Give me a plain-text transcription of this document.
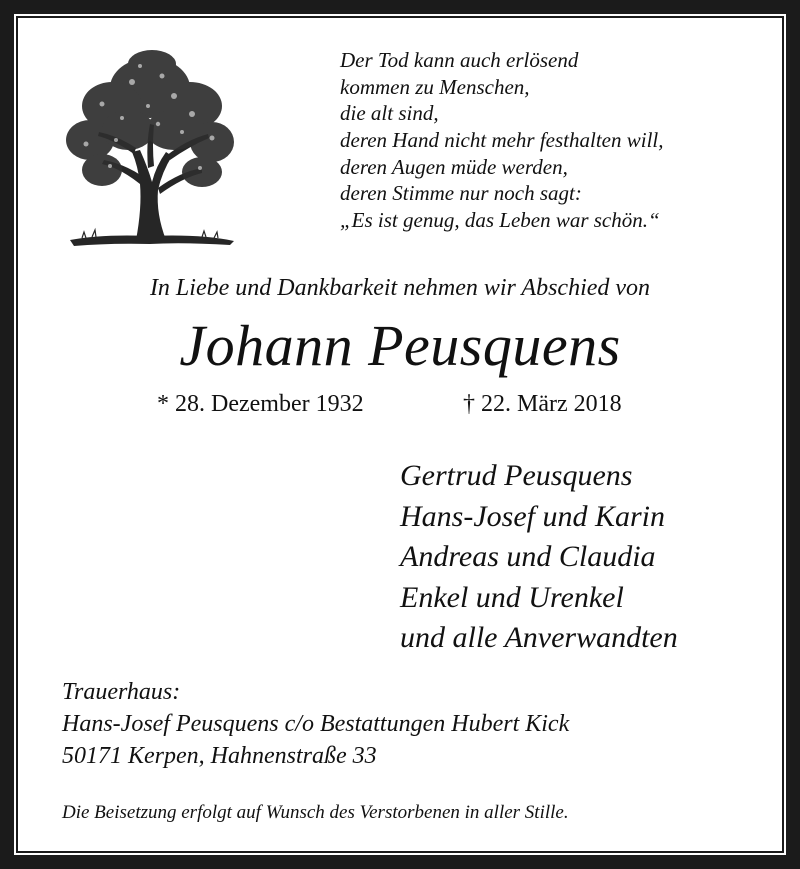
Der Tod kann auch erlösend
kommen zu Menschen,
die alt sind,
deren Hand nicht mehr festhalten will,
deren Augen müde werden,
deren Stimme nur noch sagt:
„Es ist genug, das Leben war schön.“
In Liebe und Dankbarkeit nehmen wir Abschied von
Johann Peusquens
* 28. Dezember 1932	† 22. März 2018
Gertrud Peusquens
Hans-Josef und Karin
Andreas und Claudia
Enkel und Urenkel
und alle Anverwandten
Trauerhaus:
Hans-Josef Peusquens c/o Bestattungen Hubert Kick
50171 Kerpen, Hahnenstraße 33
Die Beisetzung erfolgt auf Wunsch des Verstorbenen in aller Stille.
